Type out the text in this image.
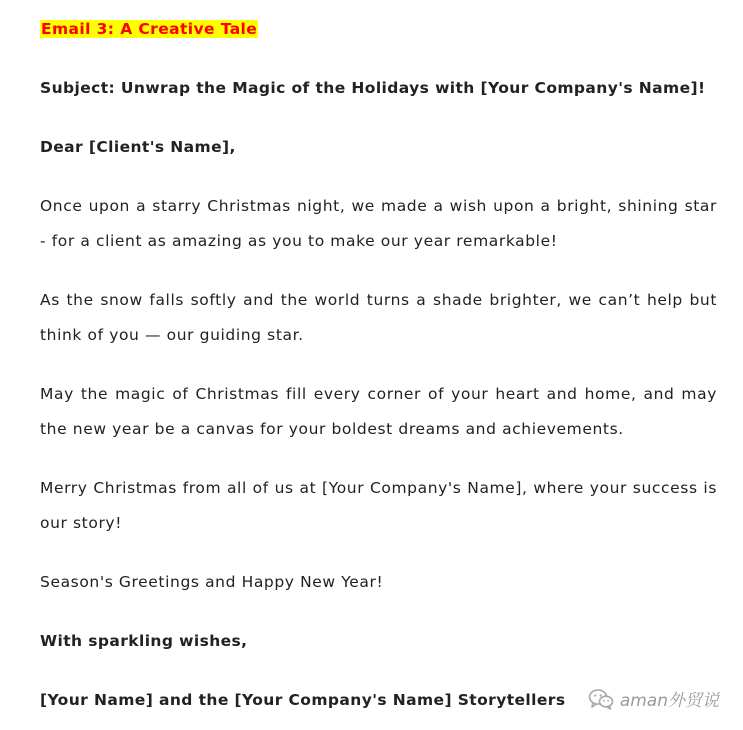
Email 3: A Creative Tale

Subject: Unwrap the Magic of the Holidays with [Your Company's Name]!

Dear [Client's Name],

Once upon a starry Christmas night, we made a wish upon a bright, shining star - for a client as amazing as you to make our year remarkable!

As the snow falls softly and the world turns a shade brighter, we can’t help but think of you — our guiding star.

May the magic of Christmas fill every corner of your heart and home, and may the new year be a canvas for your boldest dreams and achievements.

Merry Christmas from all of us at [Your Company's Name], where your success is our story!

Season's Greetings and Happy New Year!

With sparkling wishes,

[Your Name] and the [Your Company's Name] Storytellers	aman外贸说
